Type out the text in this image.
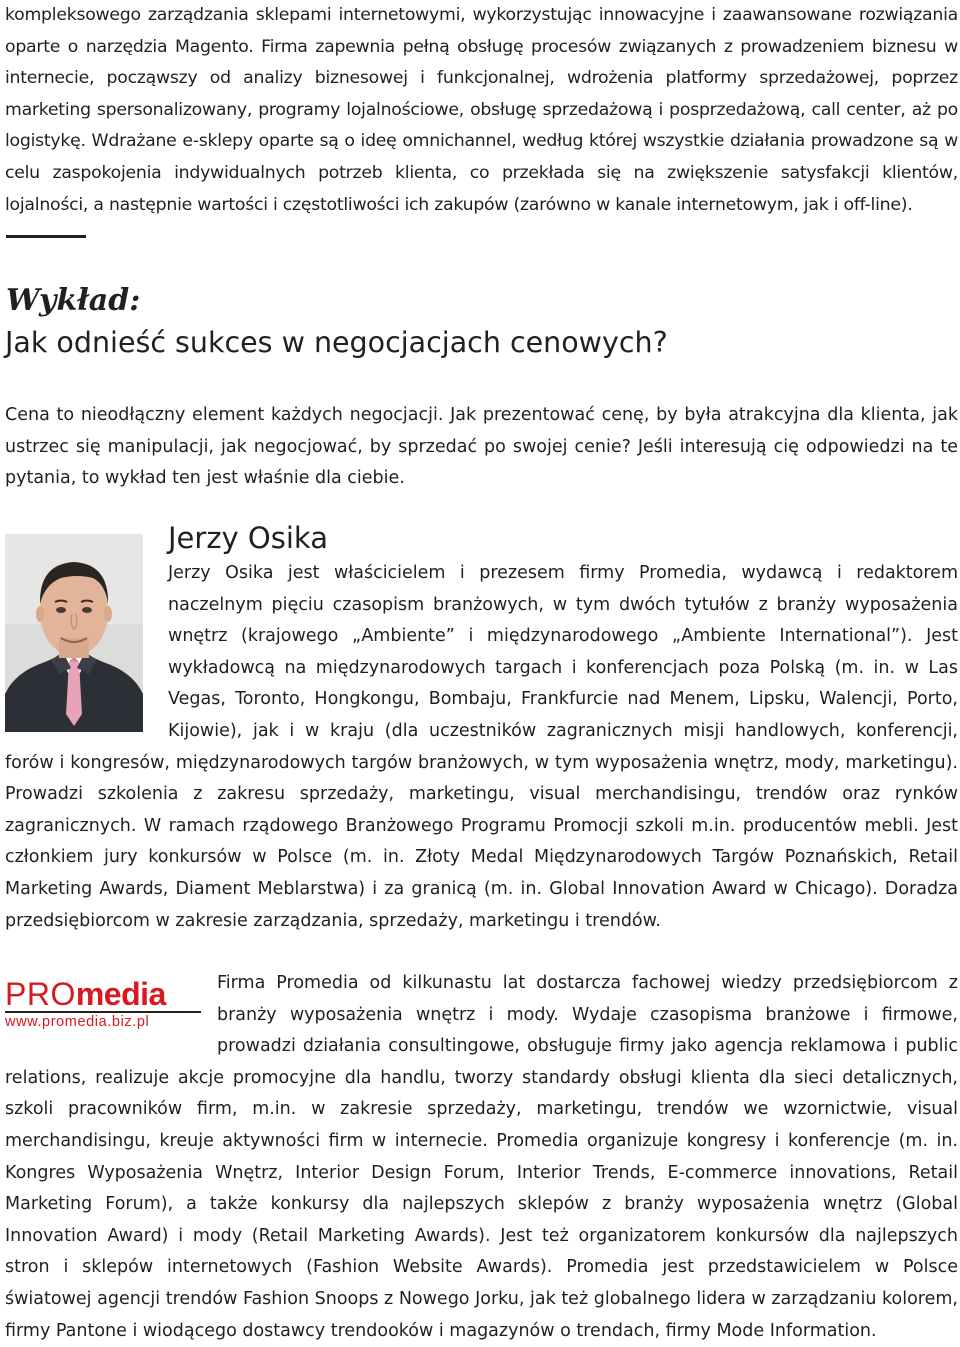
kompleksowego zarządzania sklepami internetowymi, wykorzystując innowacyjne i zaawansowane rozwiązania oparte o narzędzia Magento. Firma zapewnia pełną obsługę procesów związanych z prowadzeniem biznesu w internecie, począwszy od analizy biznesowej i funkcjonalnej, wdrożenia platformy sprzedażowej, poprzez marketing spersonalizowany, programy lojalnościowe, obsługę sprzedażową i posprzedażową, call center, aż po logistykę. Wdrażane e-sklepy oparte są o ideę omnichannel, według której wszystkie działania prowadzone są w celu zaspokojenia indywidualnych potrzeb klienta, co przekłada się na zwiększenie satysfakcji klientów, lojalności, a następnie wartości i częstotliwości ich zakupów (zarówno w kanale internetowym, jak i off-line).

Wykład:
Jak odnieść sukces w negocjacjach cenowych?

Cena to nieodłączny element każdych negocjacji. Jak prezentować cenę, by była atrakcyjna dla klienta, jak ustrzec się manipulacji, jak negocjować, by sprzedać po swojej cenie? Jeśli interesują cię odpowiedzi na te pytania, to wykład ten jest właśnie dla ciebie.

Jerzy Osika
Jerzy Osika jest właścicielem i prezesem firmy Promedia, wydawcą i redaktorem naczelnym pięciu czasopism branżowych, w tym dwóch tytułów z branży wyposażenia wnętrz (krajowego „Ambiente” i międzynarodowego „Ambiente International”). Jest wykładowcą na międzynarodowych targach i konferencjach poza Polską (m. in. w Las Vegas, Toronto, Hongkongu, Bombaju, Frankfurcie nad Menem, Lipsku, Walencji, Porto, Kijowie), jak i w kraju (dla uczestników zagranicznych misji handlowych, konferencji, forów i kongresów, międzynarodowych targów branżowych, w tym wyposażenia wnętrz, mody, marketingu). Prowadzi szkolenia z zakresu sprzedaży, marketingu, visual merchandisingu, trendów oraz rynków zagranicznych. W ramach rządowego Branżowego Programu Promocji szkoli m.in. producentów mebli. Jest członkiem jury konkursów w Polsce (m. in. Złoty Medal Międzynarodowych Targów Poznańskich, Retail Marketing Awards, Diament Meblarstwa) i za granicą (m. in. Global Innovation Award w Chicago). Doradza przedsiębiorcom w zakresie zarządzania, sprzedaży, marketingu i trendów.
PROmedia
www.promedia.biz.pl
Firma Promedia od kilkunastu lat dostarcza fachowej wiedzy przedsiębiorcom z branży wyposażenia wnętrz i mody. Wydaje czasopisma branżowe i firmowe, prowadzi działania consultingowe, obsługuje firmy jako agencja reklamowa i public relations, realizuje akcje promocyjne dla handlu, tworzy standardy obsługi klienta dla sieci detalicznych, szkoli pracowników firm, m.in. w zakresie sprzedaży, marketingu, trendów we wzornictwie, visual merchandisingu, kreuje aktywności firm w internecie. Promedia organizuje kongresy i konferencje (m. in. Kongres Wyposażenia Wnętrz, Interior Design Forum, Interior Trends, E-commerce innovations, Retail Marketing Forum), a także konkursy dla najlepszych sklepów z branży wyposażenia wnętrz (Global Innovation Award) i mody (Retail Marketing Awards). Jest też organizatorem konkursów dla najlepszych stron i sklepów internetowych (Fashion Website Awards). Promedia jest przedstawicielem w Polsce światowej agencji trendów Fashion Snoops z Nowego Jorku, jak też globalnego lidera w zarządzaniu kolorem, firmy Pantone i wiodącego dostawcy trendooków i magazynów o trendach, firmy Mode Information.
